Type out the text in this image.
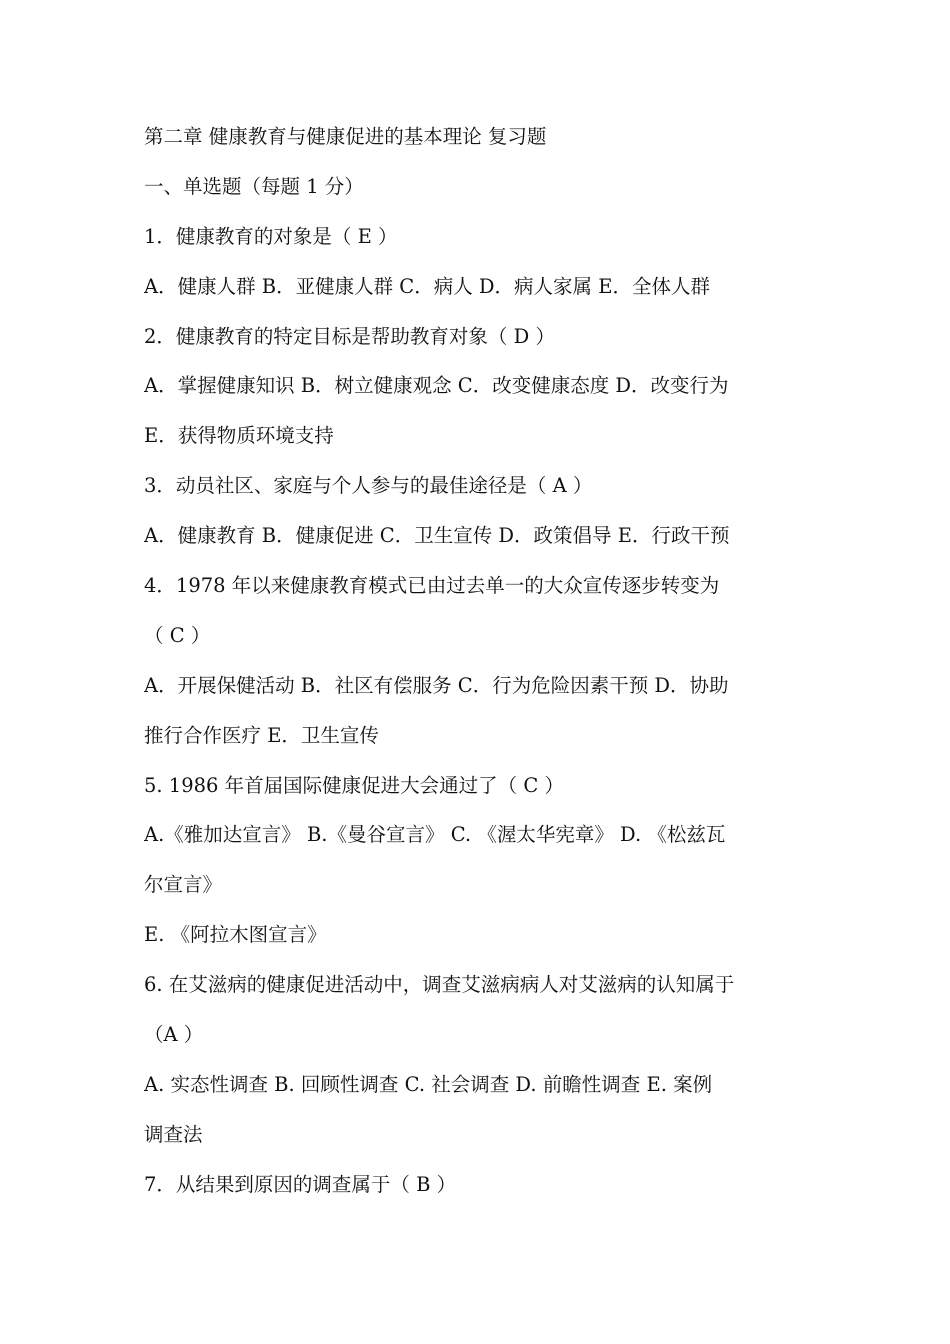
第二章 健康教育与健康促进的基本理论 复习题
一、单选题（每题 1 分）
1．健康教育的对象是（ E ）
A．健康人群 B．亚健康人群 C．病人 D．病人家属 E．全体人群
2．健康教育的特定目标是帮助教育对象（ D ）
A．掌握健康知识 B．树立健康观念 C．改变健康态度 D．改变行为
E．获得物质环境支持
3．动员社区、家庭与个人参与的最佳途径是（ A ）
A．健康教育 B．健康促进 C．卫生宣传 D．政策倡导 E．行政干预
4．1978 年以来健康教育模式已由过去单一的大众宣传逐步转变为
（ C ）
A．开展保健活动 B．社区有偿服务 C．行为危险因素干预 D．协助
推行合作医疗 E．卫生宣传
5. 1986 年首届国际健康促进大会通过了（ C ）
A.《雅加达宣言》 B.《曼谷宣言》 C. 《渥太华宪章》 D. 《松兹瓦
尔宣言》
E. 《阿拉木图宣言》
6. 在艾滋病的健康促进活动中，调查艾滋病病人对艾滋病的认知属于
（A ）
A. 实态性调查 B. 回顾性调查 C. 社会调查 D. 前瞻性调查 E. 案例
调查法
7．从结果到原因的调查属于（ B ）
